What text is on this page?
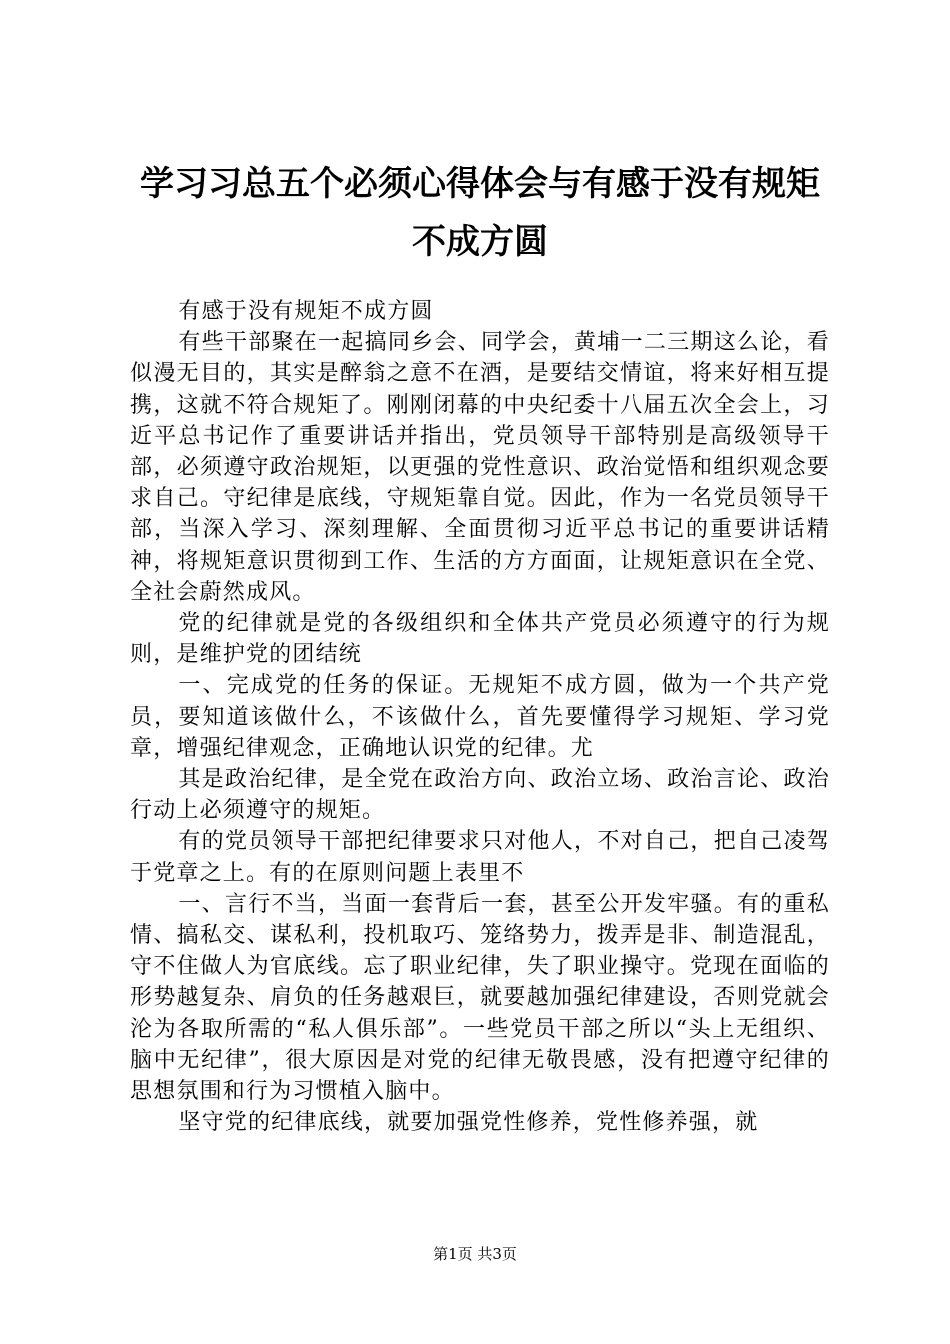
学习习总五个必须心得体会与有感于没有规矩
不成方圆

有感于没有规矩不成方圆

有些干部聚在一起搞同乡会、同学会，黄埔一二三期这么论，看似漫无目的，其实是醉翁之意不在酒，是要结交情谊，将来好相互提携，这就不符合规矩了。刚刚闭幕的中央纪委十八届五次全会上，习近平总书记作了重要讲话并指出，党员领导干部特别是高级领导干部，必须遵守政治规矩，以更强的党性意识、政治觉悟和组织观念要求自己。守纪律是底线，守规矩靠自觉。因此，作为一名党员领导干部，当深入学习、深刻理解、全面贯彻习近平总书记的重要讲话精神，将规矩意识贯彻到工作、生活的方方面面，让规矩意识在全党、全社会蔚然成风。

党的纪律就是党的各级组织和全体共产党员必须遵守的行为规则，是维护党的团结统

一、完成党的任务的保证。无规矩不成方圆，做为一个共产党员，要知道该做什么，不该做什么，首先要懂得学习规矩、学习党章，增强纪律观念，正确地认识党的纪律。尤

其是政治纪律，是全党在政治方向、政治立场、政治言论、政治行动上必须遵守的规矩。

有的党员领导干部把纪律要求只对他人，不对自己，把自己凌驾于党章之上。有的在原则问题上表里不

一、言行不当，当面一套背后一套，甚至公开发牢骚。有的重私情、搞私交、谋私利，投机取巧、笼络势力，拨弄是非、制造混乱，守不住做人为官底线。忘了职业纪律，失了职业操守。党现在面临的形势越复杂、肩负的任务越艰巨，就要越加强纪律建设，否则党就会沦为各取所需的“私人俱乐部”。一些党员干部之所以“头上无组织、脑中无纪律”，很大原因是对党的纪律无敬畏感，没有把遵守纪律的思想氛围和行为习惯植入脑中。

坚守党的纪律底线，就要加强党性修养，党性修养强，就

第1页 共3页
